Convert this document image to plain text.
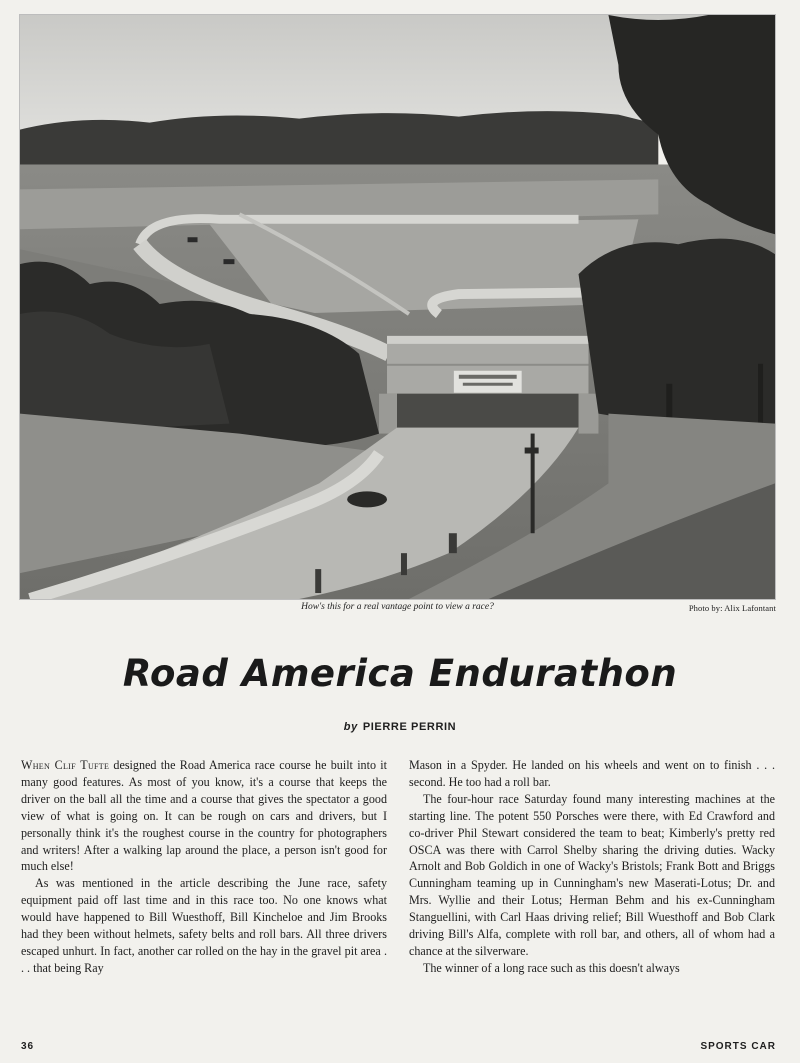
How's this for a real vantage point to view a race?	Photo by: Alix Lafontant
Road America Endurathon
by PIERRE PERRIN

When Clif Tufte designed the Road America race course he built into it many good features. As most of you know, it's a course that keeps the driver on the ball all the time and a course that gives the spectator a good view of what is going on. It can be rough on cars and drivers, but I personally think it's the roughest course in the country for photographers and writers! After a walking lap around the place, a person isn't good for much else!

As was mentioned in the article describing the June race, safety equipment paid off last time and in this race too. No one knows what would have happened to Bill Wuesthoff, Bill Kincheloe and Jim Brooks had they been without helmets, safety belts and roll bars. All three drivers escaped unhurt. In fact, another car rolled on the hay in the gravel pit area . . . that being Ray

Mason in a Spyder. He landed on his wheels and went on to finish . . . second. He too had a roll bar.

The four-hour race Saturday found many interesting machines at the starting line. The potent 550 Porsches were there, with Ed Crawford and co-driver Phil Stewart considered the team to beat; Kimberly's pretty red OSCA was there with Carrol Shelby sharing the driving duties. Wacky Arnolt and Bob Goldich in one of Wacky's Bristols; Frank Bott and Briggs Cunningham teaming up in Cunningham's new Maserati-Lotus; Dr. and Mrs. Wyllie and their Lotus; Herman Behm and his ex-Cunningham Stanguellini, with Carl Haas driving relief; Bill Wuesthoff and Bob Clark driving Bill's Alfa, complete with roll bar, and others, all of whom had a chance at the silverware.

The winner of a long race such as this doesn't always

36	SPORTS CAR
